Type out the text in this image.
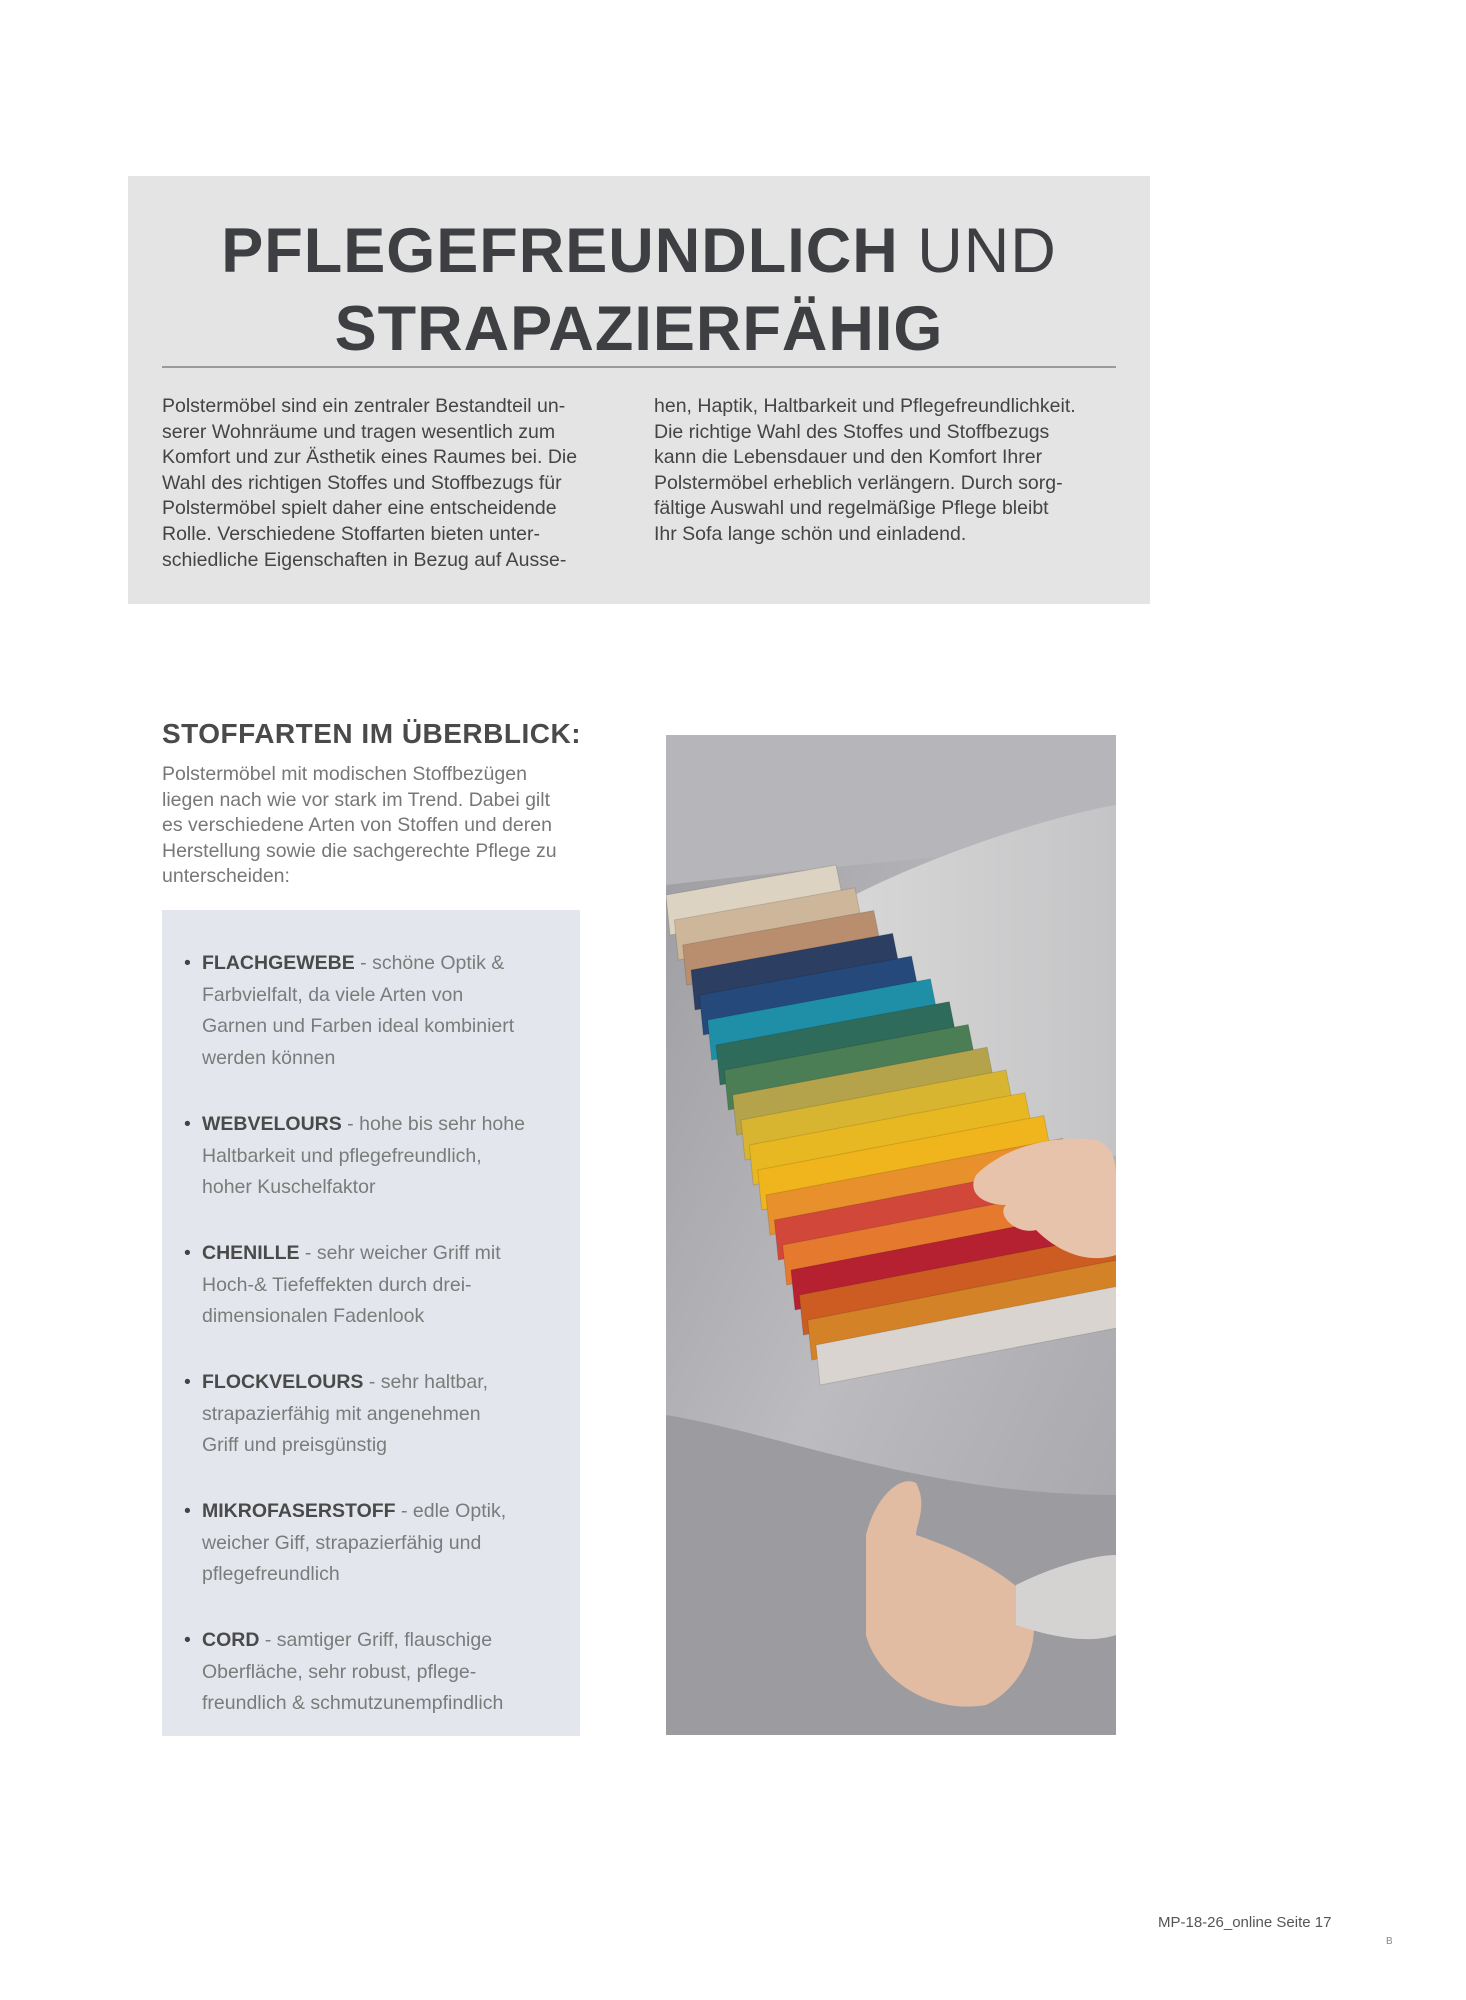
PFLEGEFREUNDLICH UND
STRAPAZIERFÄHIG
Polstermöbel sind ein zentraler Bestandteil un-
serer Wohnräume und tragen wesentlich zum
Komfort und zur Ästhetik eines Raumes bei. Die
Wahl des richtigen Stoffes und Stoffbezugs für
Polstermöbel spielt daher eine entscheidende
Rolle. Verschiedene Stoffarten bieten unter-
schiedliche Eigenschaften in Bezug auf Ausse-
hen, Haptik, Haltbarkeit und Pflegefreundlichkeit.
Die richtige Wahl des Stoffes und Stoffbezugs
kann die Lebensdauer und den Komfort Ihrer
Polstermöbel erheblich verlängern. Durch sorg-
fältige Auswahl und regelmäßige Pflege bleibt
Ihr Sofa lange schön und einladend.
STOFFARTEN IM ÜBERBLICK:
Polstermöbel mit modischen Stoffbezügen
liegen nach wie vor stark im Trend. Dabei gilt
es verschiedene Arten von Stoffen und deren
Herstellung sowie die sachgerechte Pflege zu
unterscheiden:
• FLACHGEWEBE - schöne Optik &
Farbvielfalt, da viele Arten von
Garnen und Farben ideal kombiniert
werden können
• WEBVELOURS - hohe bis sehr hohe
Haltbarkeit und pflegefreundlich,
hoher Kuschelfaktor
• CHENILLE - sehr weicher Griff mit
Hoch-& Tiefeffekten durch drei-
dimensionalen Fadenlook
• FLOCKVELOURS - sehr haltbar,
strapazierfähig mit angenehmen
Griff und preisgünstig
• MIKROFASERSTOFF - edle Optik,
weicher Giff, strapazierfähig und
pflegefreundlich
• CORD - samtiger Griff, flauschige
Oberfläche, sehr robust, pflege-
freundlich & schmutzunempfindlich
MP-18-26_online Seite 17
B
